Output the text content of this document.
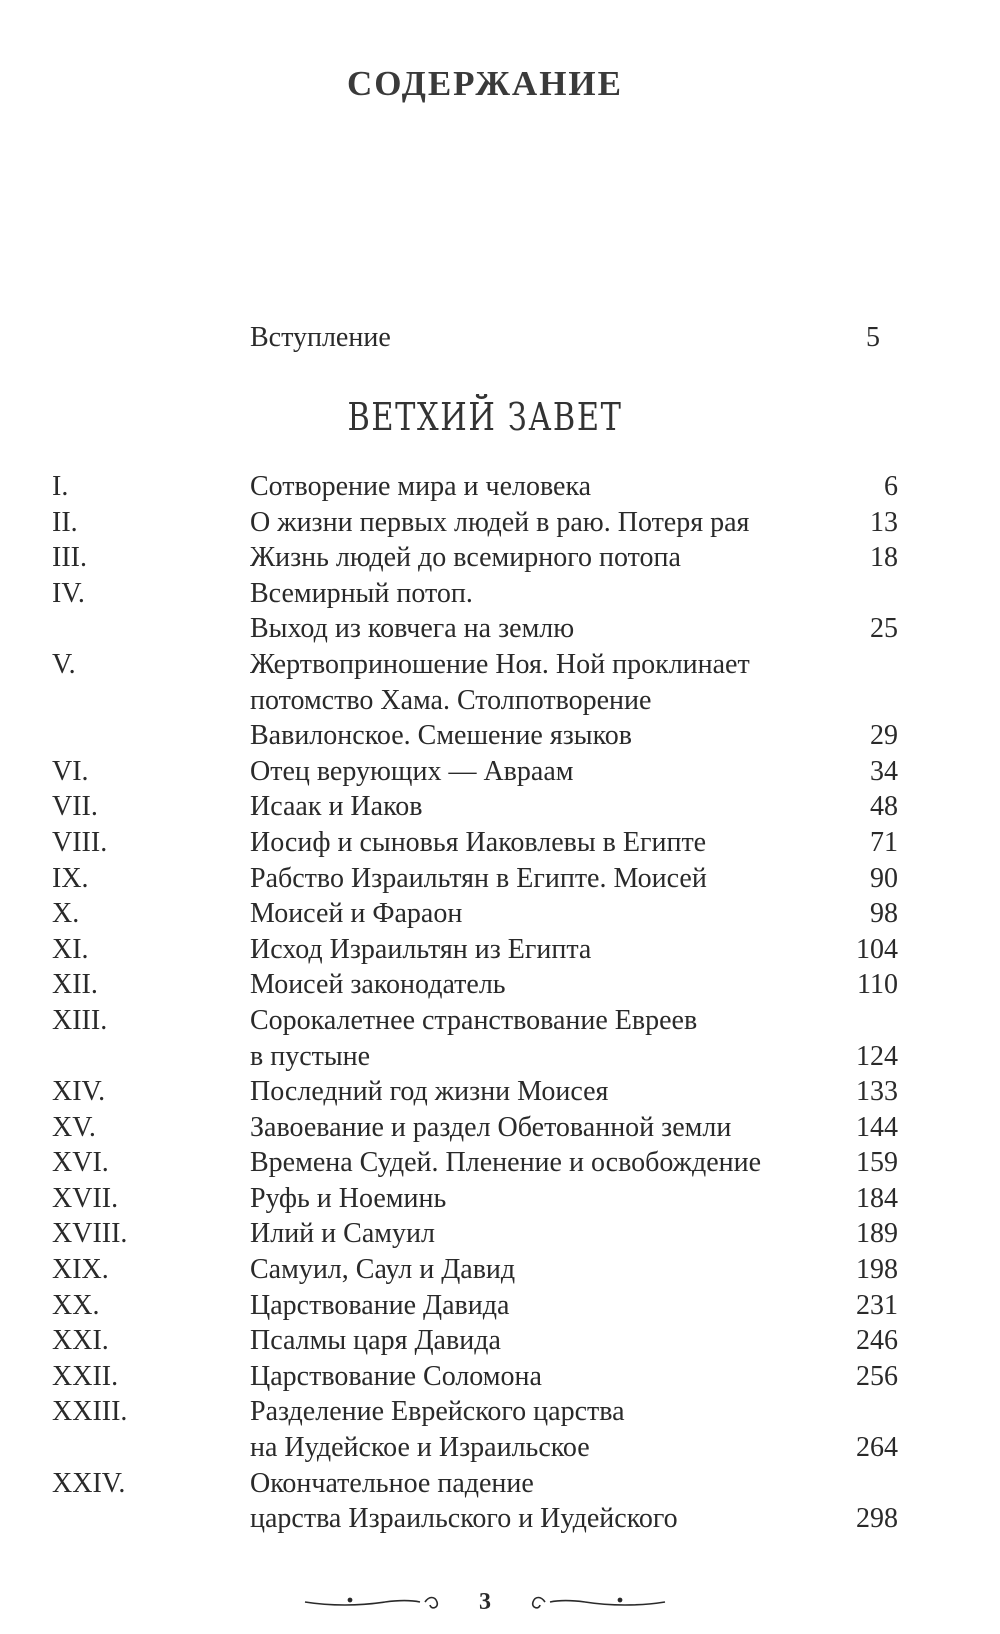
СОДЕРЖАНИЕ
Вступление	5
ВЕТХИЙ ЗАВЕТ
I.	Сотворение мира и человека	6
II.	О жизни первых людей в раю. Потеря рая	13
III.	Жизнь людей до всемирного потопа	18
IV.	Всемирный потоп.
Выход из ковчега на землю	25
V.	Жертвоприношение Ноя. Ной проклинает
потомство Хама. Столпотворение
Вавилонское. Смешение языков	29
VI.	Отец верующих — Авраам	34
VII.	Исаак и Иаков	48
VIII.	Иосиф и сыновья Иаковлевы в Египте	71
IX.	Рабство Израильтян в Египте. Моисей	90
X.	Моисей и Фараон	98
XI.	Исход Израильтян из Египта	104
XII.	Моисей законодатель	110
XIII.	Сорокалетнее странствование Евреев
в пустыне	124
XIV.	Последний год жизни Моисея	133
XV.	Завоевание и раздел Обетованной земли	144
XVI.	Времена Судей. Пленение и освобождение	159
XVII.	Руфь и Ноеминь	184
XVIII.	Илий и Самуил	189
XIX.	Самуил, Саул и Давид	198
XX.	Царствование Давида	231
XXI.	Псалмы царя Давида	246
XXII.	Царствование Соломона	256
XXIII.	Разделение Еврейского царства
на Иудейское и Израильское	264
XXIV.	Окончательное падение
царства Израильского и Иудейского	298
3
